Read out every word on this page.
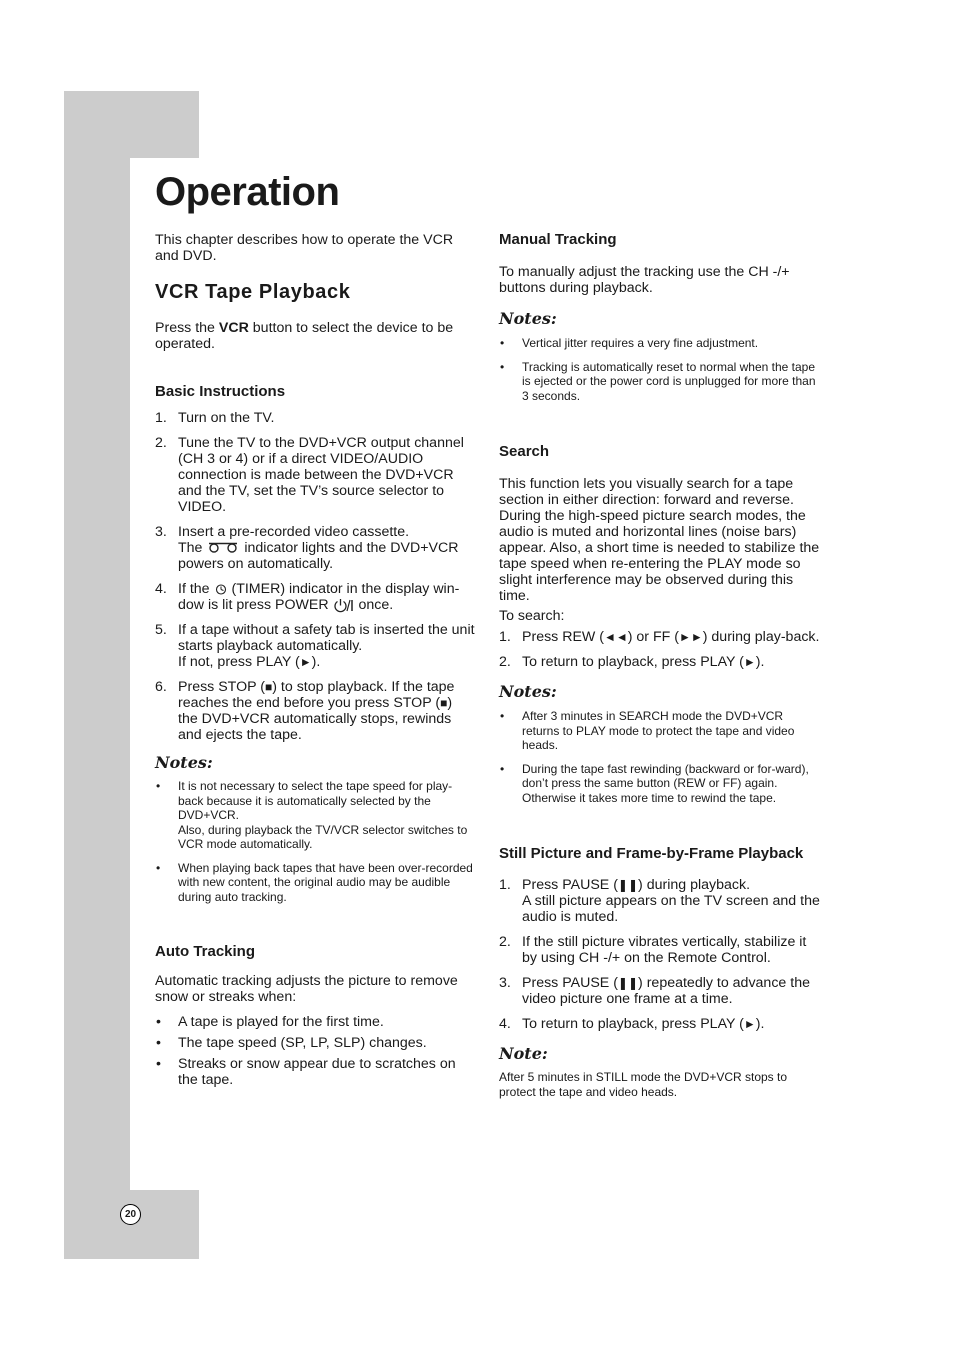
20
Operation

This chapter describes how to operate the VCR and DVD.

VCR Tape Playback

Press the VCR button to select the device to be operated.

Basic Instructions
1. Turn on the TV.
2. Tune the TV to the DVD+VCR output channel (CH 3 or 4) or if a direct VIDEO/AUDIO connection is made between the DVD+VCR and the TV, set the TV’s source selector to VIDEO.
3. Insert a pre-recorded video cassette.
The	indicator lights and the DVD+VCR powers on automatically.
4. If the (TIMER) indicator in the display win-dow is lit press POWER once.
5. If a tape without a safety tab is inserted the unit starts playback automatically.
If not, press PLAY (►).
6. Press STOP (■) to stop playback. If the tape reaches the end before you press STOP (■) the DVD+VCR automatically stops, rewinds and ejects the tape.
Notes:
• It is not necessary to select the tape speed for play-back because it is automatically selected by the DVD+VCR.
Also, during playback the TV/VCR selector switches to VCR mode automatically.
• When playing back tapes that have been over-recorded with new content, the original audio may be audible during auto tracking.
Auto Tracking

Automatic tracking adjusts the picture to remove snow or streaks when:

• A tape is played for the first time.
• The tape speed (SP, LP, SLP) changes.
• Streaks or snow appear due to scratches on the tape.
Manual Tracking

To manually adjust the tracking use the CH -/+ buttons during playback.

Notes:
• Vertical jitter requires a very fine adjustment.
• Tracking is automatically reset to normal when the tape is ejected or the power cord is unplugged for more than 3 seconds.
Search

This function lets you visually search for a tape section in either direction: forward and reverse. During the high-speed picture search modes, the audio is muted and horizontal lines (noise bars) appear. Also, a short time is needed to stabilize the tape speed when re-entering the PLAY mode so slight interference may be observed during this time.

To search:

1. Press REW (◄◄) or FF (►►) during play-back.
2. To return to playback, press PLAY (►).
Notes:
• After 3 minutes in SEARCH mode the DVD+VCR returns to PLAY mode to protect the tape and video heads.
• During the tape fast rewinding (backward or for-ward), don’t press the same button (REW or FF) again. Otherwise it takes more time to rewind the tape.
Still Picture and Frame-by-Frame Playback
1. Press PAUSE (❚❚) during playback.
A still picture appears on the TV screen and the audio is muted.
2. If the still picture vibrates vertically, stabilize it by using CH -/+ on the Remote Control.
3. Press PAUSE (❚❚) repeatedly to advance the video picture one frame at a time.
4. To return to playback, press PLAY (►).
Note:

After 5 minutes in STILL mode the DVD+VCR stops to protect the tape and video heads.
